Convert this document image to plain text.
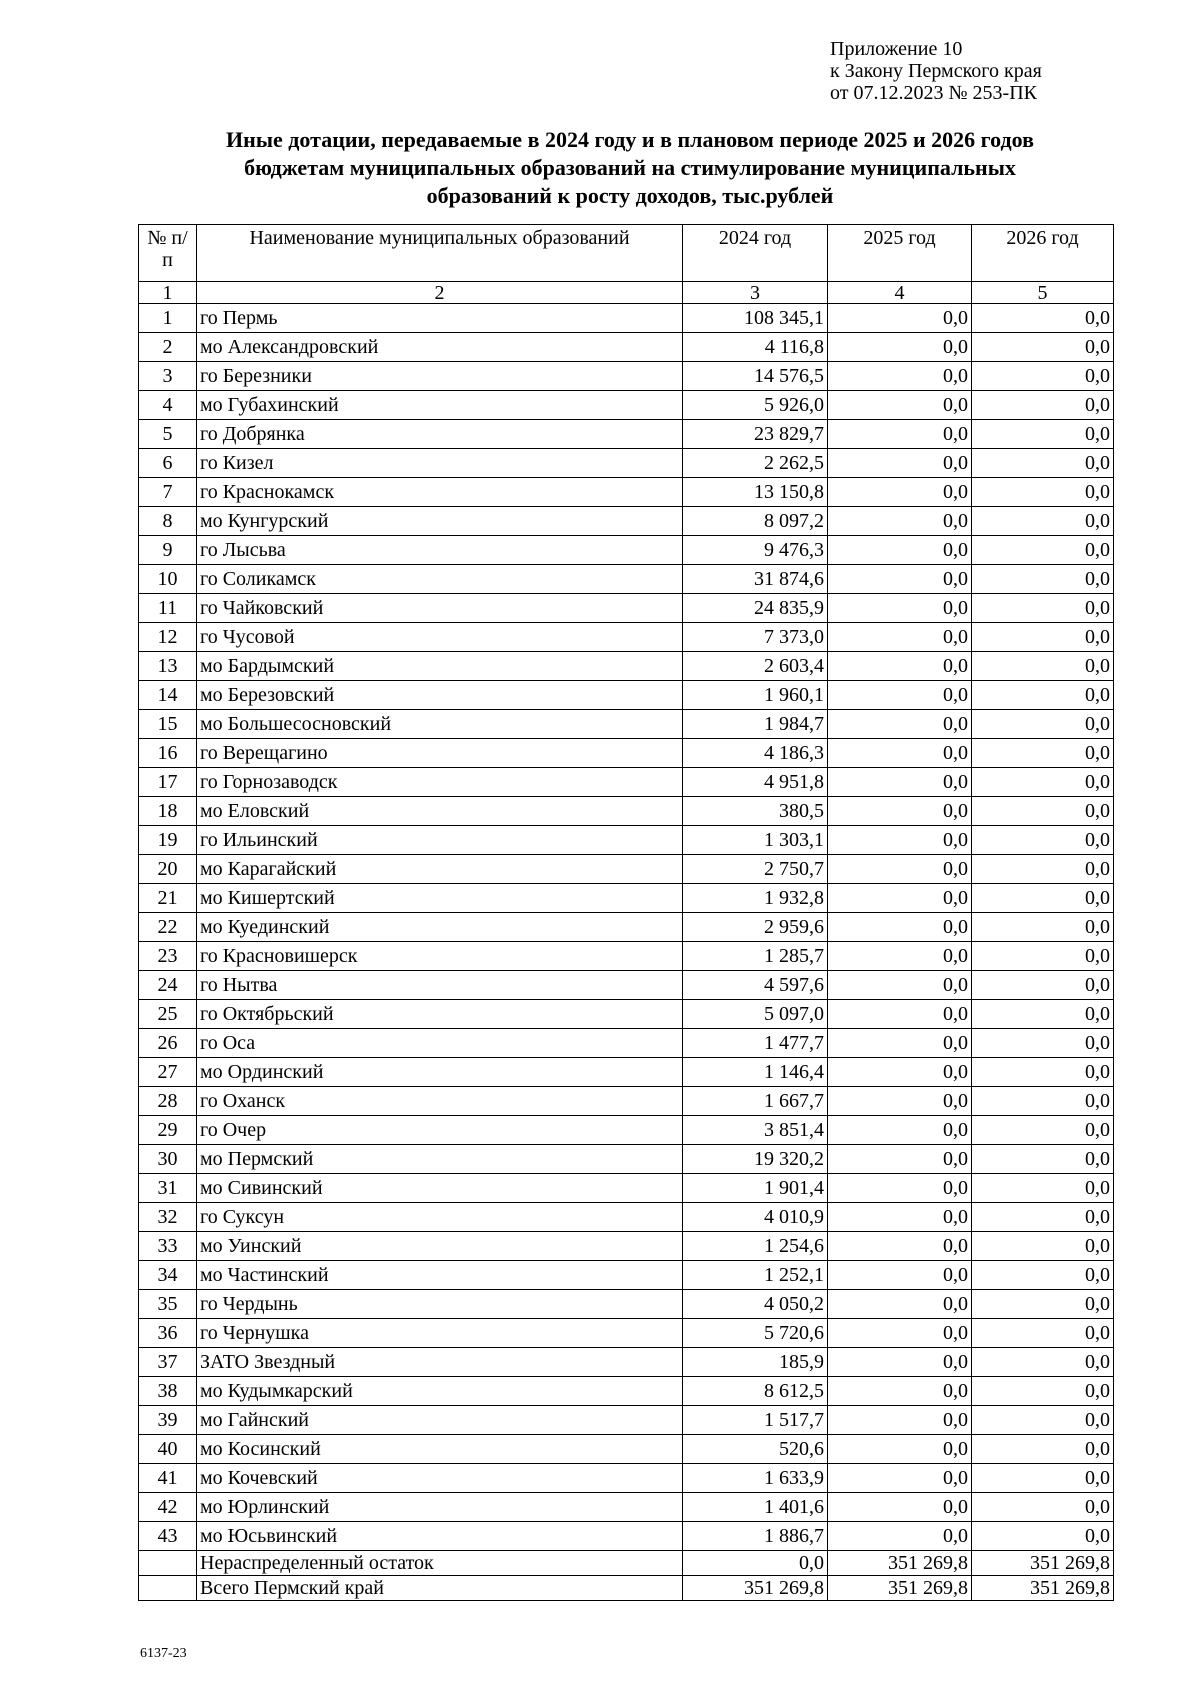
Приложение 10
к Закону Пермского края
от 07.12.2023 № 253-ПК
Иные дотации, передаваемые в 2024 году и в плановом периоде 2025 и 2026 годов
бюджетам муниципальных образований на стимулирование муниципальных
образований к росту доходов, тыс.рублей
№ п/п	Наименование муниципальных образований	2024 год	2025 год	2026 год
1	2	3	4	5
1	го Пермь	108 345,1	0,0	0,0
2	мо Александровский	4 116,8	0,0	0,0
3	го Березники	14 576,5	0,0	0,0
4	мо Губахинский	5 926,0	0,0	0,0
5	го Добрянка	23 829,7	0,0	0,0
6	го Кизел	2 262,5	0,0	0,0
7	го Краснокамск	13 150,8	0,0	0,0
8	мо Кунгурский	8 097,2	0,0	0,0
9	го Лысьва	9 476,3	0,0	0,0
10	го Соликамск	31 874,6	0,0	0,0
11	го Чайковский	24 835,9	0,0	0,0
12	го Чусовой	7 373,0	0,0	0,0
13	мо Бардымский	2 603,4	0,0	0,0
14	мо Березовский	1 960,1	0,0	0,0
15	мо Большесосновский	1 984,7	0,0	0,0
16	го Верещагино	4 186,3	0,0	0,0
17	го Горнозаводск	4 951,8	0,0	0,0
18	мо Еловский	380,5	0,0	0,0
19	го Ильинский	1 303,1	0,0	0,0
20	мо Карагайский	2 750,7	0,0	0,0
21	мо Кишертский	1 932,8	0,0	0,0
22	мо Куединский	2 959,6	0,0	0,0
23	го Красновишерск	1 285,7	0,0	0,0
24	го Нытва	4 597,6	0,0	0,0
25	го Октябрьский	5 097,0	0,0	0,0
26	го Оса	1 477,7	0,0	0,0
27	мо Ординский	1 146,4	0,0	0,0
28	го Оханск	1 667,7	0,0	0,0
29	го Очер	3 851,4	0,0	0,0
30	мо Пермский	19 320,2	0,0	0,0
31	мо Сивинский	1 901,4	0,0	0,0
32	го Суксун	4 010,9	0,0	0,0
33	мо Уинский	1 254,6	0,0	0,0
34	мо Частинский	1 252,1	0,0	0,0
35	го Чердынь	4 050,2	0,0	0,0
36	го Чернушка	5 720,6	0,0	0,0
37	ЗАТО Звездный	185,9	0,0	0,0
38	мо Кудымкарский	8 612,5	0,0	0,0
39	мо Гайнский	1 517,7	0,0	0,0
40	мо Косинский	520,6	0,0	0,0
41	мо Кочевский	1 633,9	0,0	0,0
42	мо Юрлинский	1 401,6	0,0	0,0
43	мо Юсьвинский	1 886,7	0,0	0,0
	Нераспределенный остаток	0,0	351 269,8	351 269,8
	Всего Пермский край	351 269,8	351 269,8	351 269,8
6137-23
